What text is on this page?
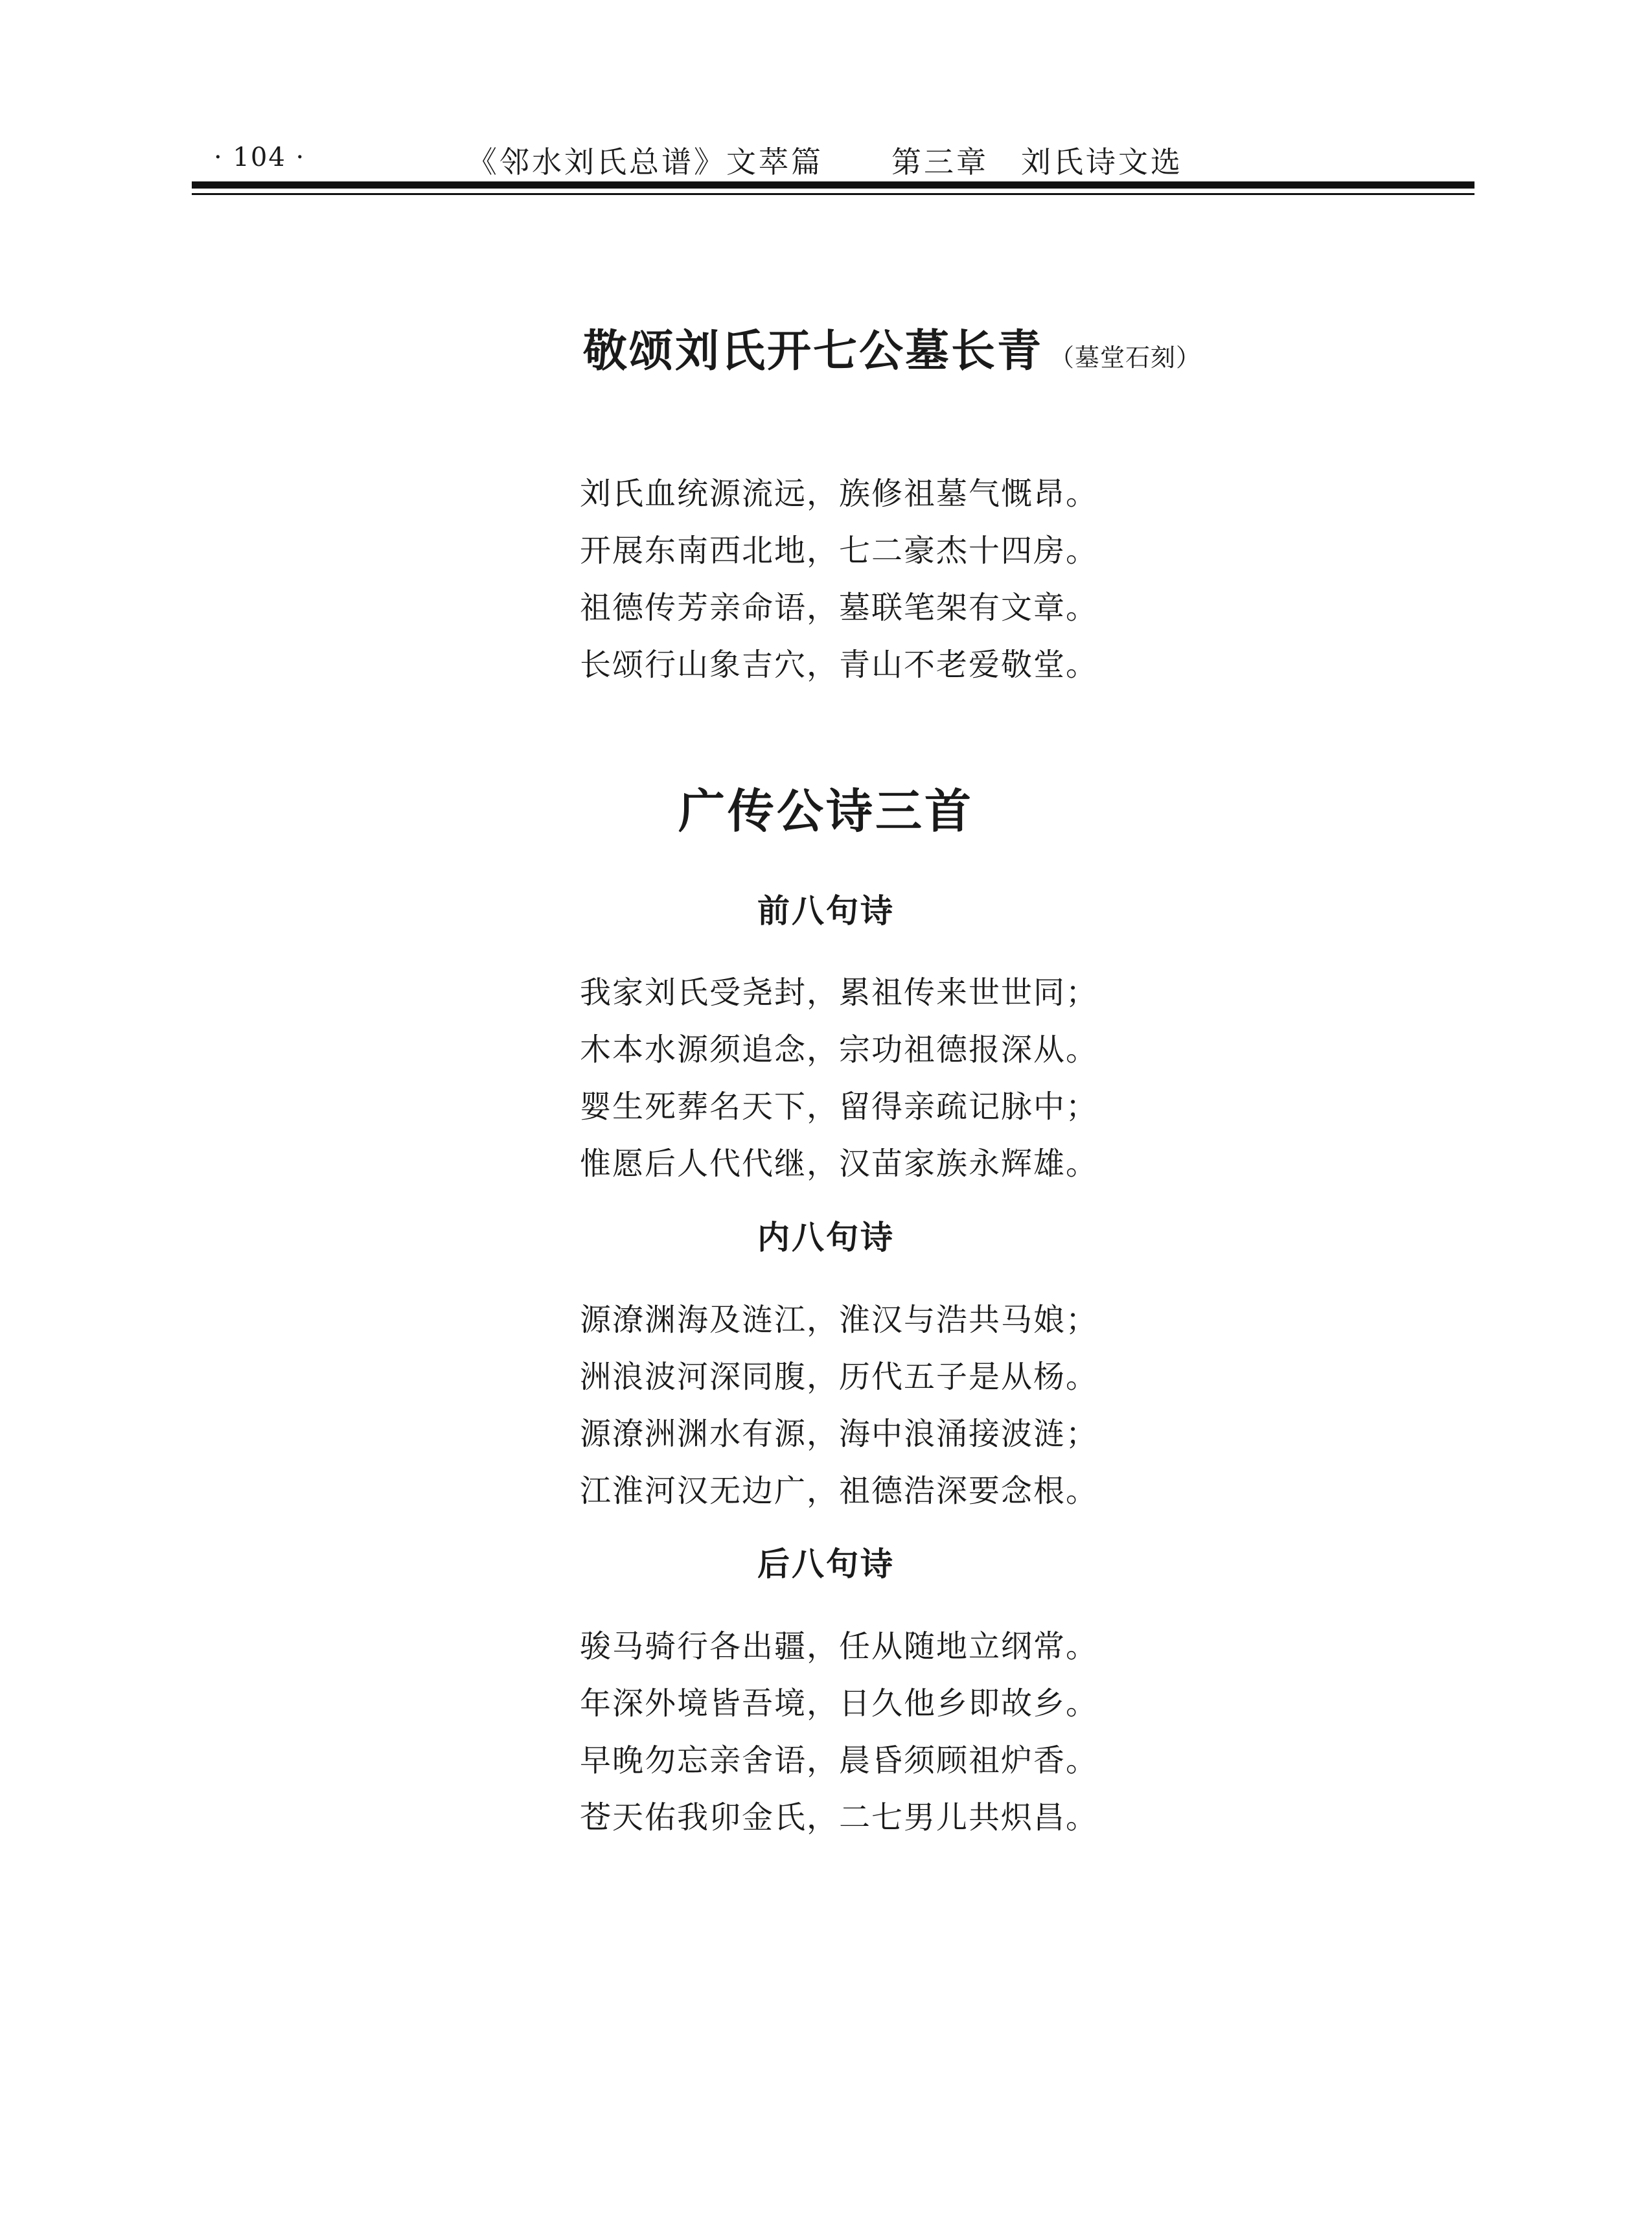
· 104 ·	《邻水刘氏总谱》文萃篇 第三章　刘氏诗文选
敬颂刘氏开七公墓长青 （墓堂石刻）
刘氏血统源流远，族修祖墓气慨昂。
开展东南西北地，七二豪杰十四房。
祖德传芳亲命语，墓联笔架有文章。
长颂行山象吉穴，青山不老爱敬堂。
广传公诗三首
前八句诗
我家刘氏受尧封，累祖传来世世同；
木本水源须追念，宗功祖德报深从。
婴生死葬名天下，留得亲疏记脉中；
惟愿后人代代继，汉苗家族永辉雄。
内八句诗
源潦渊海及涟江，淮汉与浩共马娘；
洲浪波河深同腹，历代五子是从杨。
源潦洲渊水有源，海中浪涌接波涟；
江淮河汉无边广，祖德浩深要念根。
后八句诗
骏马骑行各出疆，任从随地立纲常。
年深外境皆吾境，日久他乡即故乡。
早晚勿忘亲舍语，晨昏须顾祖炉香。
苍天佑我卯金氏，二七男儿共炽昌。
